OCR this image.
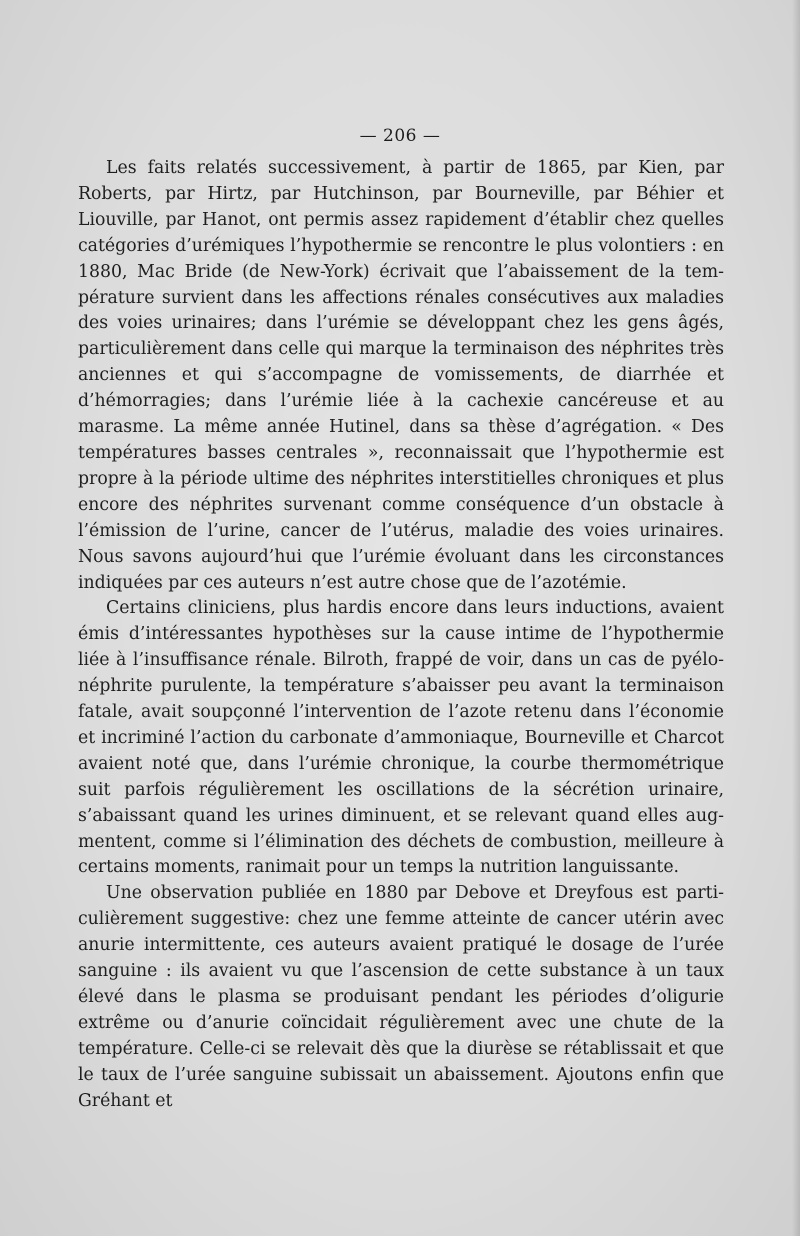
— 206 —

Les faits relatés successivement, à partir de 1865, par Kien, par Roberts, par Hirtz, par Hutchinson, par Bourneville, par Béhier et Liouville, par Hanot, ont permis assez rapidement d’établir chez quelles catégories d’urémiques l’hypothermie se rencontre le plus volontiers : en 1880, Mac Bride (de New-York) écrivait que l’abaissement de la température survient dans les affections rénales consécutives aux maladies des voies urinaires; dans l’urémie se développant chez les gens âgés, particulièrement dans celle qui marque la terminaison des néphrites très anciennes et qui s’accompagne de vomissements, de diarrhée et d’hémorragies; dans l’urémie liée à la cachexie cancéreuse et au marasme. La même année Hutinel, dans sa thèse d’agrégation. « Des températures basses centrales », reconnaissait que l’hypothermie est propre à la période ultime des néphrites interstitielles chroniques et plus encore des néphrites survenant comme conséquence d’un obstacle à l’émission de l’urine, cancer de l’utérus, maladie des voies urinaires. Nous savons aujourd’hui que l’urémie évoluant dans les circonstances indiquées par ces auteurs n’est autre chose que de l’azotémie.

Certains cliniciens, plus hardis encore dans leurs inductions, avaient émis d’intéressantes hypothèses sur la cause intime de l’hypothermie liée à l’insuffisance rénale. Bilroth, frappé de voir, dans un cas de pyélonéphrite purulente, la température s’abaisser peu avant la terminaison fatale, avait soupçonné l’intervention de l’azote retenu dans l’économie et incriminé l’action du carbonate d’ammoniaque, Bourneville et Charcot avaient noté que, dans l’urémie chronique, la courbe thermométrique suit parfois régulièrement les oscillations de la sécrétion urinaire, s’abaissant quand les urines diminuent, et se relevant quand elles augmentent, comme si l’élimination des déchets de combustion, meilleure à certains moments, ranimait pour un temps la nutrition languissante.

Une observation publiée en 1880 par Debove et Dreyfous est particulièrement suggestive: chez une femme atteinte de cancer utérin avec anurie intermittente, ces auteurs avaient pratiqué le dosage de l’urée sanguine : ils avaient vu que l’ascension de cette substance à un taux élevé dans le plasma se produisant pendant les périodes d’oligurie extrême ou d’anurie coïncidait régulièrement avec une chute de la température. Celle-ci se relevait dès que la diurèse se rétablissait et que le taux de l’urée sanguine subissait un abaissement. Ajoutons enfin que Gréhant et
